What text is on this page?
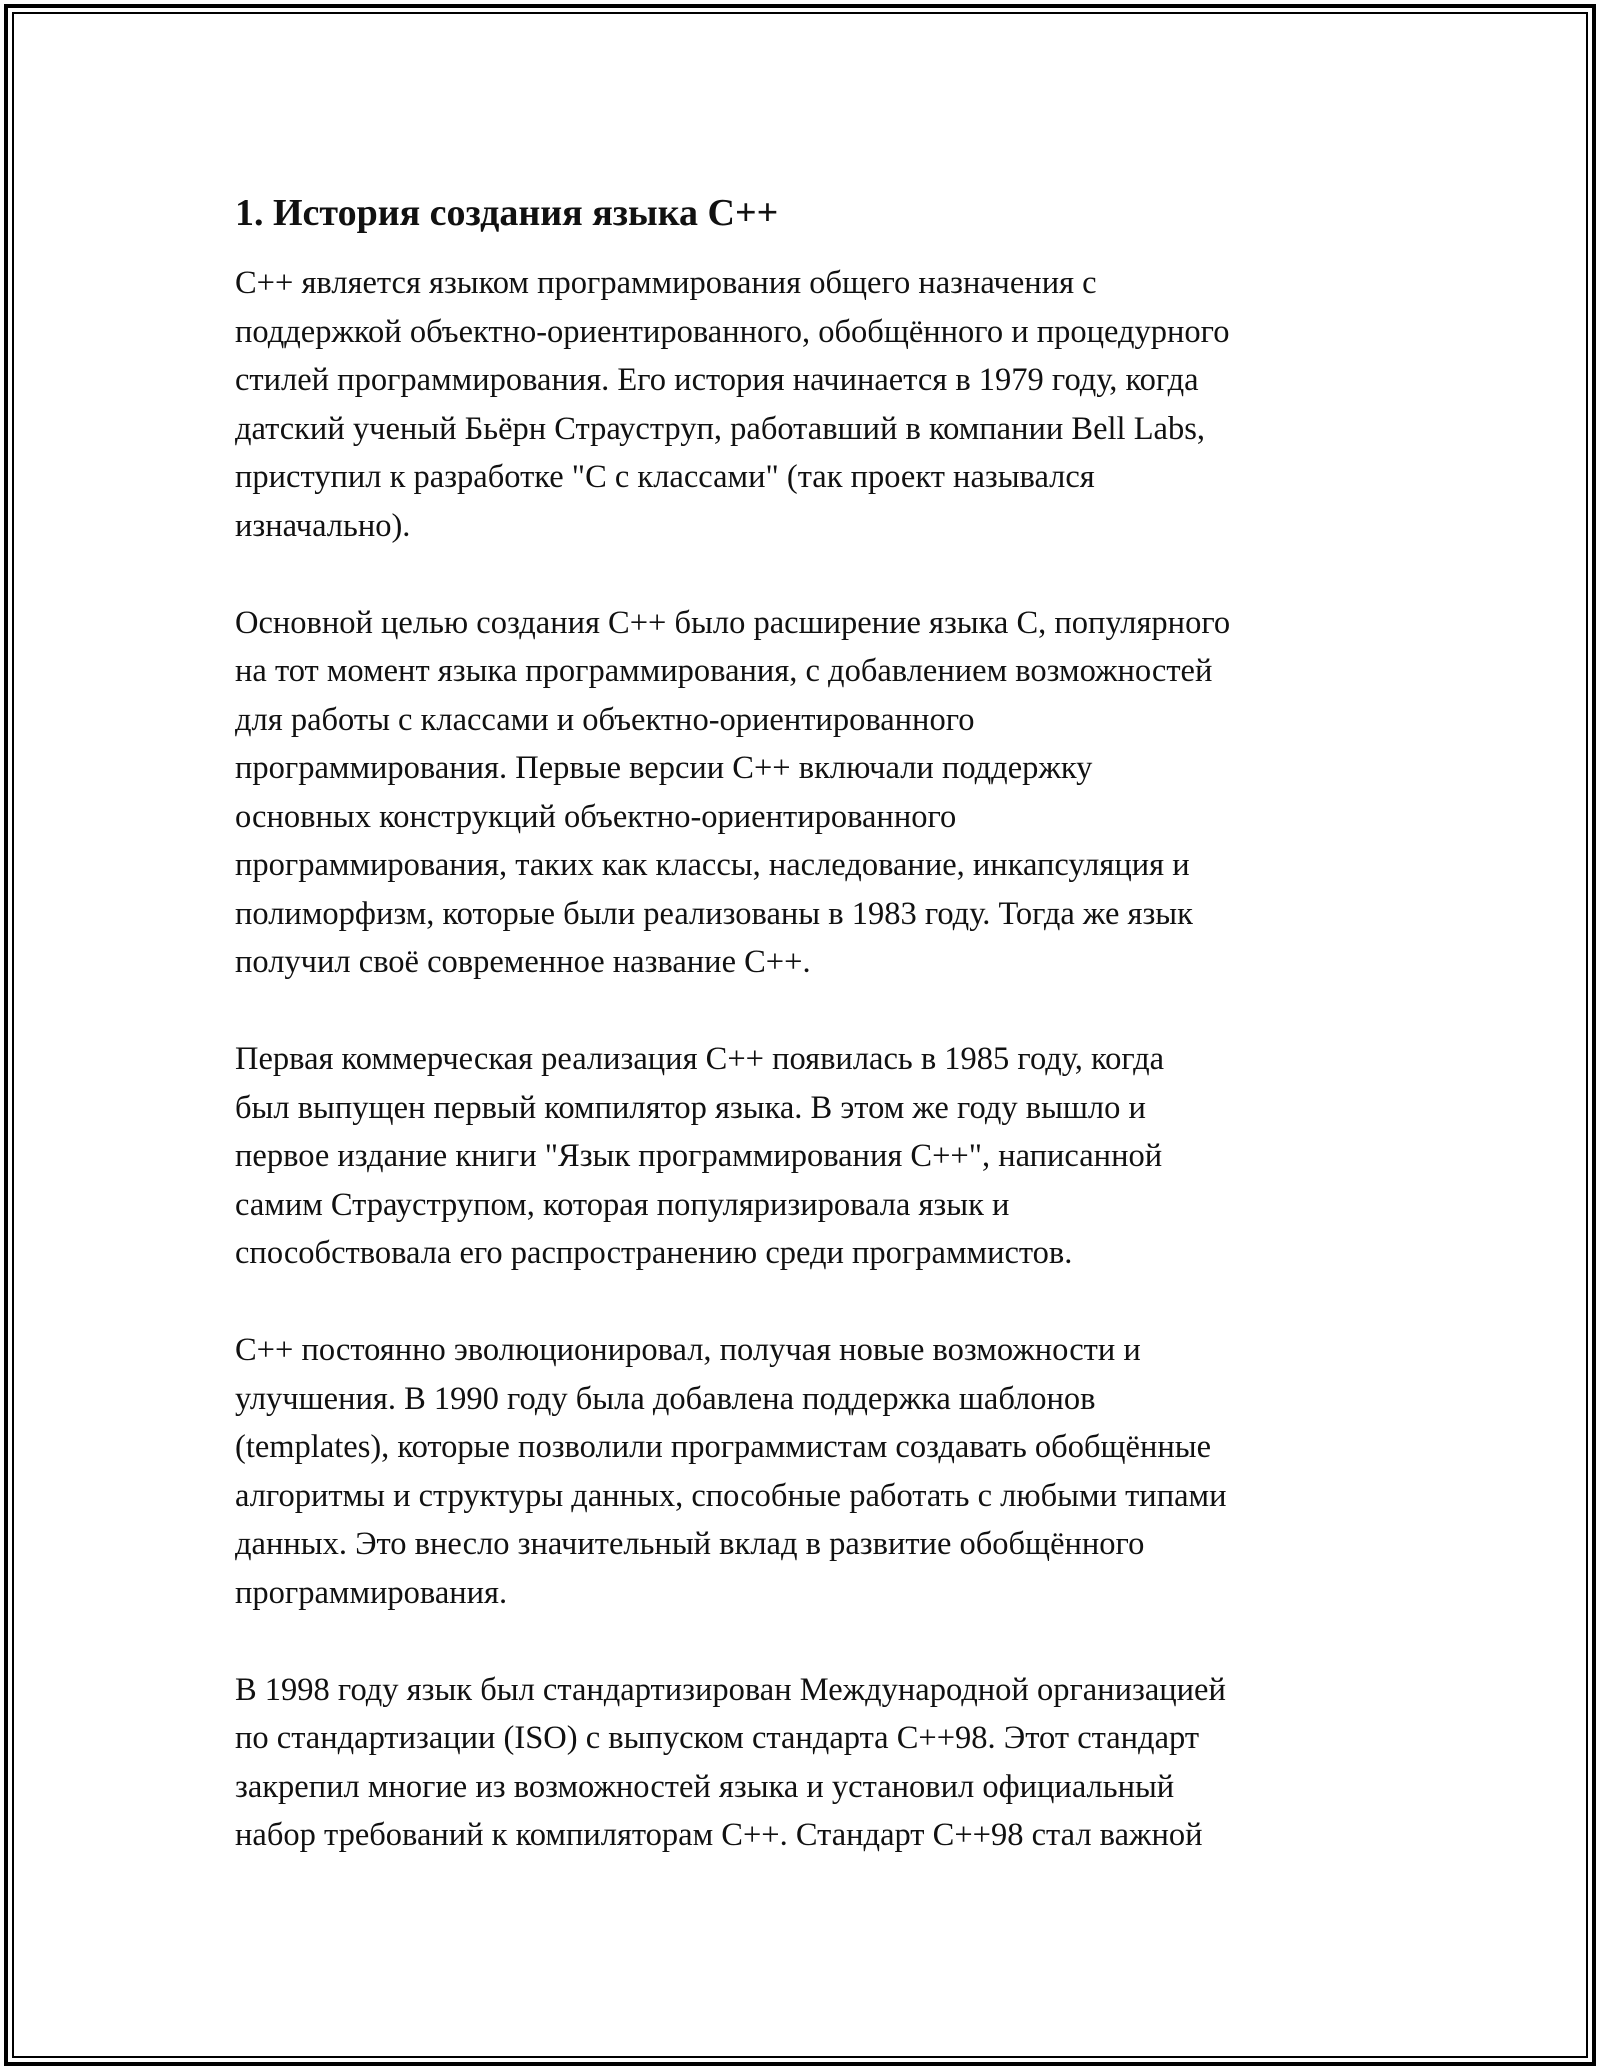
1. История создания языка С++
С++ является языком программирования общего назначения с
поддержкой объектно-ориентированного, обобщённого и процедурного
стилей программирования. Его история начинается в 1979 году, когда
датский ученый Бьёрн Страуструп, работавший в компании Bell Labs,
приступил к разработке "С с классами" (так проект назывался
изначально).
Основной целью создания С++ было расширение языка С, популярного
на тот момент языка программирования, с добавлением возможностей
для работы с классами и объектно-ориентированного
программирования. Первые версии С++ включали поддержку
основных конструкций объектно-ориентированного
программирования, таких как классы, наследование, инкапсуляция и
полиморфизм, которые были реализованы в 1983 году. Тогда же язык
получил своё современное название С++.
Первая коммерческая реализация С++ появилась в 1985 году, когда
был выпущен первый компилятор языка. В этом же году вышло и
первое издание книги "Язык программирования С++", написанной
самим Страуструпом, которая популяризировала язык и
способствовала его распространению среди программистов.
С++ постоянно эволюционировал, получая новые возможности и
улучшения. В 1990 году была добавлена поддержка шаблонов
(templates), которые позволили программистам создавать обобщённые
алгоритмы и структуры данных, способные работать с любыми типами
данных. Это внесло значительный вклад в развитие обобщённого
программирования.
В 1998 году язык был стандартизирован Международной организацией
по стандартизации (ISO) с выпуском стандарта С++98. Этот стандарт
закрепил многие из возможностей языка и установил официальный
набор требований к компиляторам С++. Стандарт С++98 стал важной
